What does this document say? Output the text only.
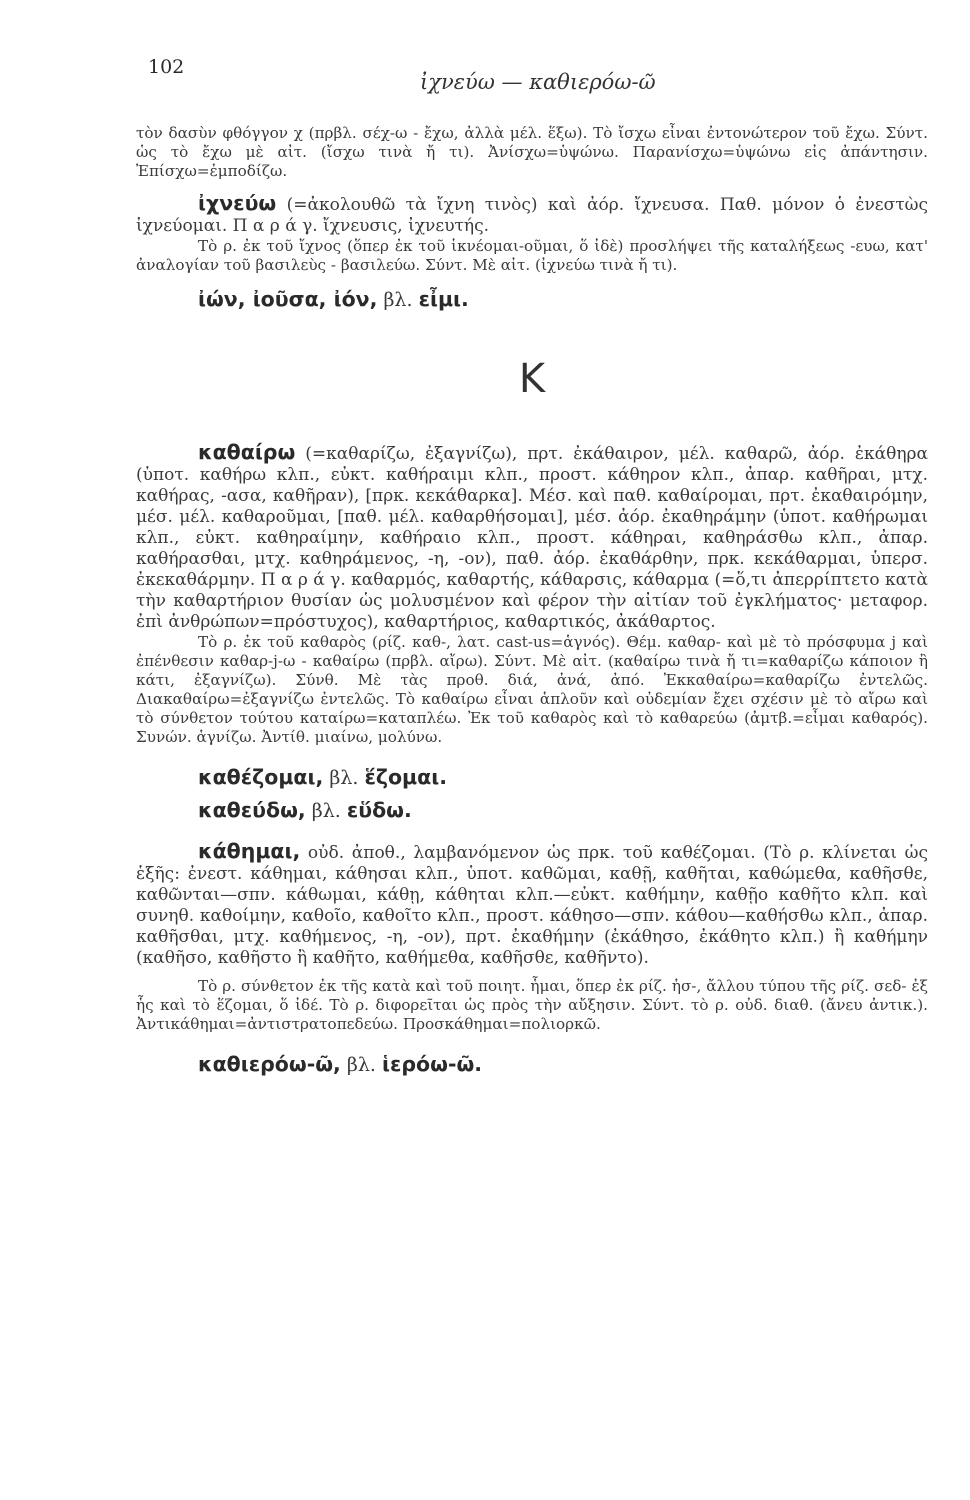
102
ἰχνεύω — καθιερόω-ῶ

τὸν δασὺν φθόγγον χ (πρβλ. σέχ-ω - ἔχω, ἀλλὰ μέλ. ἕξω). Τὸ ἴσχω εἶναι ἐντονώτερον τοῦ ἔχω. Σύντ. ὡς τὸ ἔχω μὲ αἰτ. (ἴσχω τινὰ ἤ τι). Ἀνίσχω=ὑψώνω. Παρανίσχω=ὑψώνω εἰς ἀπάντησιν. Ἐπίσχω=ἐμποδίζω.

ἰχνεύω (=ἀκολουθῶ τὰ ἴχνη τινὸς) καὶ ἀόρ. ἴχνευσα. Παθ. μόνον ὁ ἐνεστὼς ἰχνεύομαι. Π α ρ ά γ. ἴχνευσις, ἰχνευτής.

Τὸ ρ. ἐκ τοῦ ἴχνος (ὅπερ ἐκ τοῦ ἱκνέομαι-οῦμαι, ὅ ἰδὲ) προσλήψει τῆς καταλήξεως -ευω, κατ' ἀναλογίαν τοῦ βασιλεὺς - βασιλεύω. Σύντ. Μὲ αἰτ. (ἰχνεύω τινὰ ἤ τι).

ἰών, ἰοῦσα, ἰόν, βλ. εἶμι.

Κ

καθαίρω (=καθαρίζω, ἐξαγνίζω), πρτ. ἐκάθαιρον, μέλ. καθαρῶ, ἀόρ. ἐκάθηρα (ὑποτ. καθήρω κλπ., εὐκτ. καθήραιμι κλπ., προστ. κάθηρον κλπ., ἀπαρ. καθῆραι, μτχ. καθήρας, -ασα, καθῆραν), [πρκ. κεκάθαρκα]. Μέσ. καὶ παθ. καθαίρομαι, πρτ. ἐκαθαιρόμην, μέσ. μέλ. καθαροῦμαι, [παθ. μέλ. καθαρθήσομαι], μέσ. ἀόρ. ἐκαθηράμην (ὑποτ. καθήρωμαι κλπ., εὐκτ. καθηραίμην, καθήραιο κλπ., προστ. κάθηραι, καθηράσθω κλπ., ἀπαρ. καθήρασθαι, μτχ. καθηράμενος, -η, -ον), παθ. ἀόρ. ἐκαθάρθην, πρκ. κεκάθαρμαι, ὑπερσ. ἐκεκαθάρμην. Π α ρ ά γ. καθαρμός, καθαρτής, κάθαρσις, κάθαρμα (=ὅ,τι ἀπερρίπτετο κατὰ τὴν καθαρτήριον θυσίαν ὡς μολυσμένον καὶ φέρον τὴν αἰτίαν τοῦ ἐγκλήματος· μεταφορ. ἐπὶ ἀνθρώπων=πρόστυχος), καθαρτήριος, καθαρτικός, ἀκάθαρτος.

Τὸ ρ. ἐκ τοῦ καθαρὸς (ρίζ. καθ-, λατ. cast-us=ἁγνός). Θέμ. καθαρ- καὶ μὲ τὸ πρόσφυμα j καὶ ἐπένθεσιν καθαρ-j-ω - καθαίρω (πρβλ. αἴρω). Σύντ. Μὲ αἰτ. (καθαίρω τινὰ ἤ τι=καθαρίζω κάποιον ἢ κάτι, ἐξαγνίζω). Σύνθ. Μὲ τὰς προθ. διά, ἀνά, ἀπό. Ἐκκαθαίρω=καθαρίζω ἐντελῶς. Διακαθαίρω=ἐξαγνίζω ἐντελῶς. Τὸ καθαίρω εἶναι ἁπλοῦν καὶ οὐδεμίαν ἔχει σχέσιν μὲ τὸ αἴρω καὶ τὸ σύνθετον τούτου καταίρω=καταπλέω. Ἐκ τοῦ καθαρὸς καὶ τὸ καθαρεύω (ἀμτβ.=εἶμαι καθαρός). Συνών. ἁγνίζω. Ἀντίθ. μιαίνω, μολύνω.

καθέζομαι, βλ. ἕζομαι.

καθεύδω, βλ. εὕδω.

κάθημαι, οὐδ. ἀποθ., λαμβανόμενον ὡς πρκ. τοῦ καθέζομαι. (Τὸ ρ. κλίνεται ὡς ἑξῆς: ἐνεστ. κάθημαι, κάθησαι κλπ., ὑποτ. καθῶμαι, καθῇ, καθῆται, καθώμεθα, καθῆσθε, καθῶνται—σπν. κάθωμαι, κάθῃ, κάθηται κλπ.—εὐκτ. καθήμην, καθῇο καθῆτο κλπ. καὶ συνηθ. καθοίμην, καθοῖο, καθοῖτο κλπ., προστ. κάθησο—σπν. κάθου—καθήσθω κλπ., ἀπαρ. καθῆσθαι, μτχ. καθήμενος, -η, -ον), πρτ. ἐκαθήμην (ἐκάθησο, ἐκάθητο κλπ.) ἢ καθήμην (καθῆσο, καθῆστο ἢ καθῆτο, καθήμεθα, καθῆσθε, καθῆντο).

Τὸ ρ. σύνθετον ἐκ τῆς κατὰ καὶ τοῦ ποιητ. ἧμαι, ὅπερ ἐκ ρίζ. ἡσ-, ἄλλου τύπου τῆς ρίζ. σεδ- ἐξ ἧς καὶ τὸ ἕζομαι, ὅ ἰδέ. Τὸ ρ. διφορεῖται ὡς πρὸς τὴν αὔξησιν. Σύντ. τὸ ρ. οὐδ. διαθ. (ἄνευ ἀντικ.). Ἀντικάθημαι=ἀντιστρατοπεδεύω. Προσκάθημαι=πολιορκῶ.

καθιερόω-ῶ, βλ. ἱερόω-ῶ.
